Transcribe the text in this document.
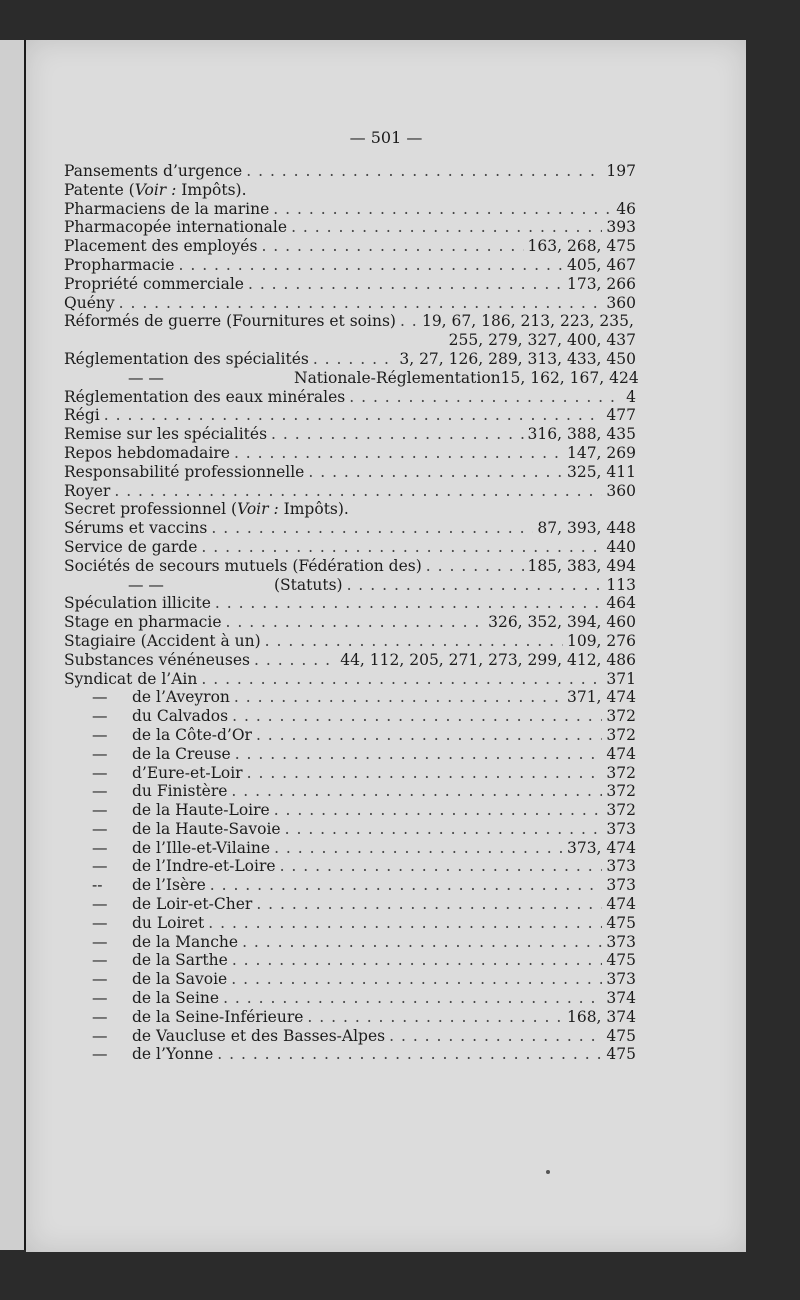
— 501 —
Pansements d’urgence . . .	197
Patente (Voir : Impôts).
Pharmaciens de la marine . . .	46
Pharmacopée internationale . . .	393
Placement des employés . . .	163, 268, 475
Propharmacie . . .	405, 467
Propriété commerciale . . .	173, 266
Quény . . .	360
Réformés de guerre (Fournitures et soins) . . . 19, 67, 186, 213, 223, 235,
255, 279, 327, 400, 437
Réglementation des spécialités . . .	3, 27, 126, 289, 313, 433, 450
— —	Nationale-Réglementation 15, 162, 167, 424
Réglementation des eaux minérales . . .	4
Régi . . .	477
Remise sur les spécialités . . .	316, 388, 435
Repos hebdomadaire . . .	147, 269
Responsabilité professionnelle . . .	325, 411
Royer . . .	360
Secret professionnel (Voir : Impôts).
Sérums et vaccins . . .	87, 393, 448
Service de garde . . .	440
Sociétés de secours mutuels (Fédération des) . . .	185, 383, 494
— —	(Statuts) . . .	113
Spéculation illicite . . .	464
Stage en pharmacie . . .	326, 352, 394, 460
Stagiaire (Accident à un) . . .	109, 276
Substances vénéneuses . . .	44, 112, 205, 271, 273, 299, 412, 486
Syndicat de l’Ain . . .	371
—	de l’Aveyron . . .	371, 474
—	du Calvados . . .	372
—	de la Côte-d’Or . . .	372
—	de la Creuse . . .	474
—	d’Eure-et-Loir . . .	372
—	du Finistère . . .	372
—	de la Haute-Loire . . .	372
—	de la Haute-Savoie . . .	373
—	de l’Ille-et-Vilaine . . .	373, 474
—	de l’Indre-et-Loire . . .	373
--	de l’Isère . . .	373
—	de Loir-et-Cher . . .	474
—	du Loiret . . .	475
—	de la Manche . . .	373
—	de la Sarthe . . .	475
—	de la Savoie . . .	373
—	de la Seine . . .	374
—	de la Seine-Inférieure . . .	168, 374
—	de Vaucluse et des Basses-Alpes . . .	475
—	de l’Yonne . . .	475
